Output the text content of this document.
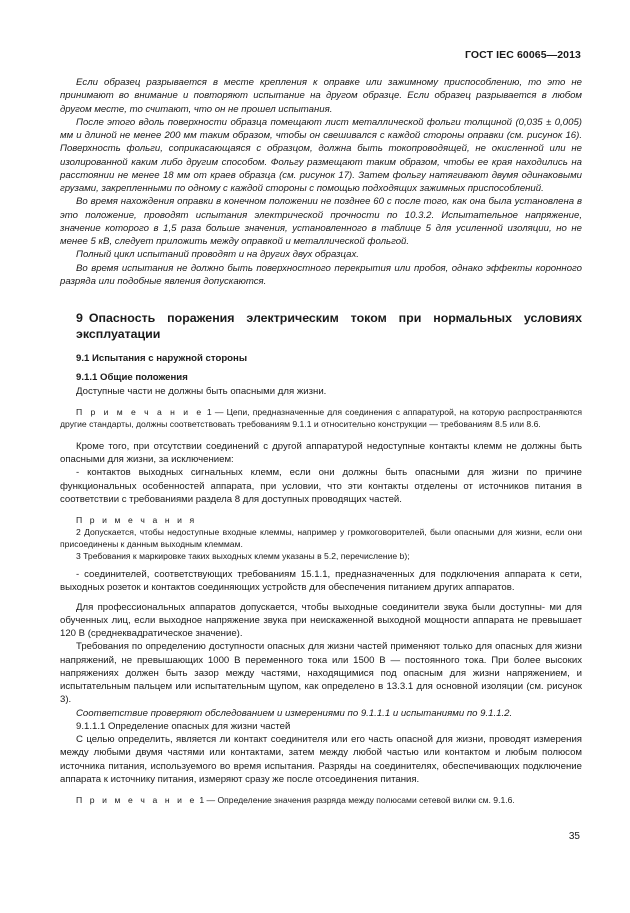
ГОСТ IEC 60065—2013

Если образец разрывается в месте крепления к оправке или зажимному приспособлению, то это не принимают во внимание и повторяют испытание на другом образце. Если образец разрывается в любом другом месте, то считают, что он не прошел испытания.

После этого вдоль поверхности образца помещают лист металлической фольги толщиной (0,035 ± 0,005) мм и длиной не менее 200 мм таким образом, чтобы он свешивался с каждой стороны оправки (см. рисунок 16). Поверхность фольги, соприкасающаяся с образцом, должна быть токопроводящей, не окисленной или не изолированной каким либо другим способом. Фольгу размещают таким образом, чтобы ее края находились на расстоянии не менее 18 мм от краев образца (см. рисунок 17). Затем фольгу натягивают двумя одинаковыми грузами, закрепленными по одному с каждой стороны с помощью подходящих зажимных приспособлений.

Во время нахождения оправки в конечном положении не позднее 60 с после того, как она была установлена в это положение, проводят испытания электрической прочности по 10.3.2. Испытательное напряжение, значение которого в 1,5 раза больше значения, установленного в таблице 5 для усиленной изоляции, но не менее 5 кВ, следует приложить между оправкой и металлической фольгой.

Полный цикл испытаний проводят и на других двух образцах.

Во время испытания не должно быть поверхностного перекрытия или пробоя, однако эффекты коронного разряда или подобные явления допускаются.

9 Опасность поражения электрическим током при нормальных условиях эксплуатации

9.1 Испытания с наружной стороны

9.1.1 Общие положения

Доступные части не должны быть опасными для жизни.

П р и м е ч а н и е 1 — Цепи, предназначенные для соединения с аппаратурой, на которую распространяются другие стандарты, должны соответствовать требованиям 9.1.1 и относительно конструкции — требованиям 8.5 или 8.6.

Кроме того, при отсутствии соединений с другой аппаратурой недоступные контакты клемм не должны быть опасными для жизни, за исключением:

- контактов выходных сигнальных клемм, если они должны быть опасными для жизни по причине функциональных особенностей аппарата, при условии, что эти контакты отделены от источников питания в соответствии с требованиями раздела 8 для доступных проводящих частей.

П р и м е ч а н и я

2 Допускается, чтобы недоступные входные клеммы, например у громкоговорителей, были опасными для жизни, если они присоединены к данным выходным клеммам.

3 Требования к маркировке таких выходных клемм указаны в 5.2, перечисление b);

- соединителей, соответствующих требованиям 15.1.1, предназначенных для подключения аппарата к сети, выходных розеток и контактов соединяющих устройств для обеспечения питанием других аппаратов.

Для профессиональных аппаратов допускается, чтобы выходные соединители звука были доступны- ми для обученных лиц, если выходное напряжение звука при неискаженной выходной мощности аппарата не превышает 120 В (среднеквадратическое значение).

Требования по определению доступности опасных для жизни частей применяют только для опасных для жизни напряжений, не превышающих 1000 В переменного тока или 1500 В — постоянного тока. При более высоких напряжениях должен быть зазор между частями, находящимися под опасным для жизни напряжением, и испытательным пальцем или испытательным щупом, как определено в 13.3.1 для основной изоляции (см. рисунок 3).

Соответствие проверяют обследованием и измерениями по 9.1.1.1 и испытаниями по 9.1.1.2.

9.1.1.1 Определение опасных для жизни частей

С целью определить, является ли контакт соединителя или его часть опасной для жизни, проводят измерения между любыми двумя частями или контактами, затем между любой частью или контактом и любым полюсом источника питания, используемого во время испытания. Разряды на соединителях, обеспечивающих подключение аппарата к источнику питания, измеряют сразу же после отсоединения питания.

П р и м е ч а н и е 1 — Определение значения разряда между полюсами сетевой вилки см. 9.1.6.

35
